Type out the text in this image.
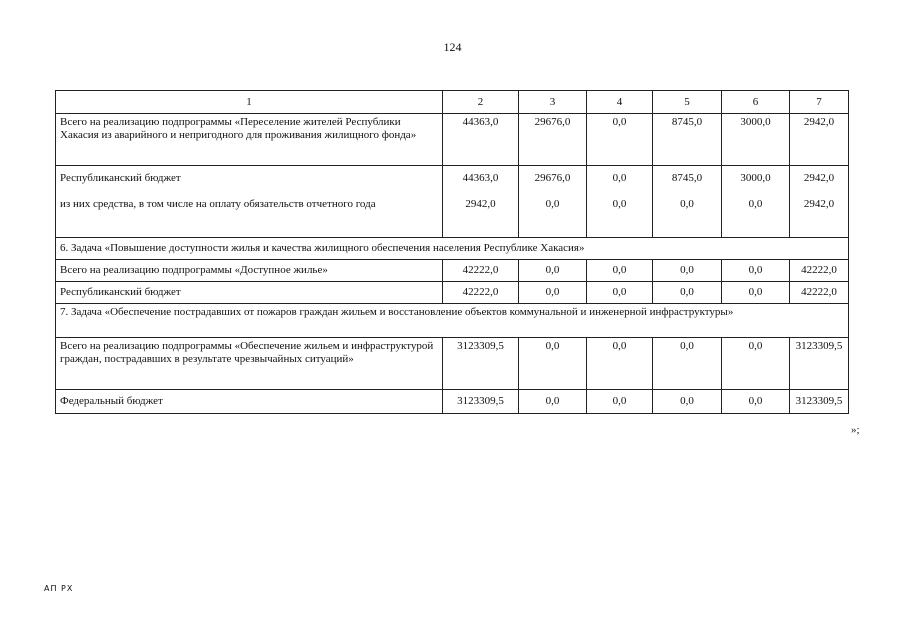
124
1	2	3	4	5	6	7
Всего на реализацию подпрограммы «Переселение жителей Республики Хакасия из аварийного и непригодного для проживания жилищного фонда»	44363,0	29676,0	0,0	8745,0	3000,0	2942,0
Республиканский бюджет	44363,0	29676,0	0,0	8745,0	3000,0	2942,0
из них средства, в том числе на оплату обязательств отчетного года	2942,0	0,0	0,0	0,0	0,0	2942,0
6. Задача «Повышение доступности жилья и качества жилищного обеспечения населения Республике Хакасия»						
Всего на реализацию подпрограммы «Доступное жилье»	42222,0	0,0	0,0	0,0	0,0	42222,0
Республиканский бюджет	42222,0	0,0	0,0	0,0	0,0	42222,0
7. Задача «Обеспечение пострадавших от пожаров граждан жильем и восстановление объектов коммунальной и инженерной инфраструктуры»						
Всего на реализацию подпрограммы «Обеспечение жильем и инфраструктурой граждан, пострадавших в результате чрезвычайных ситуаций»	3123309,5	0,0	0,0	0,0	0,0	3123309,5
Федеральный бюджет	3123309,5	0,0	0,0	0,0	0,0	3123309,5
»;
АП РХ
